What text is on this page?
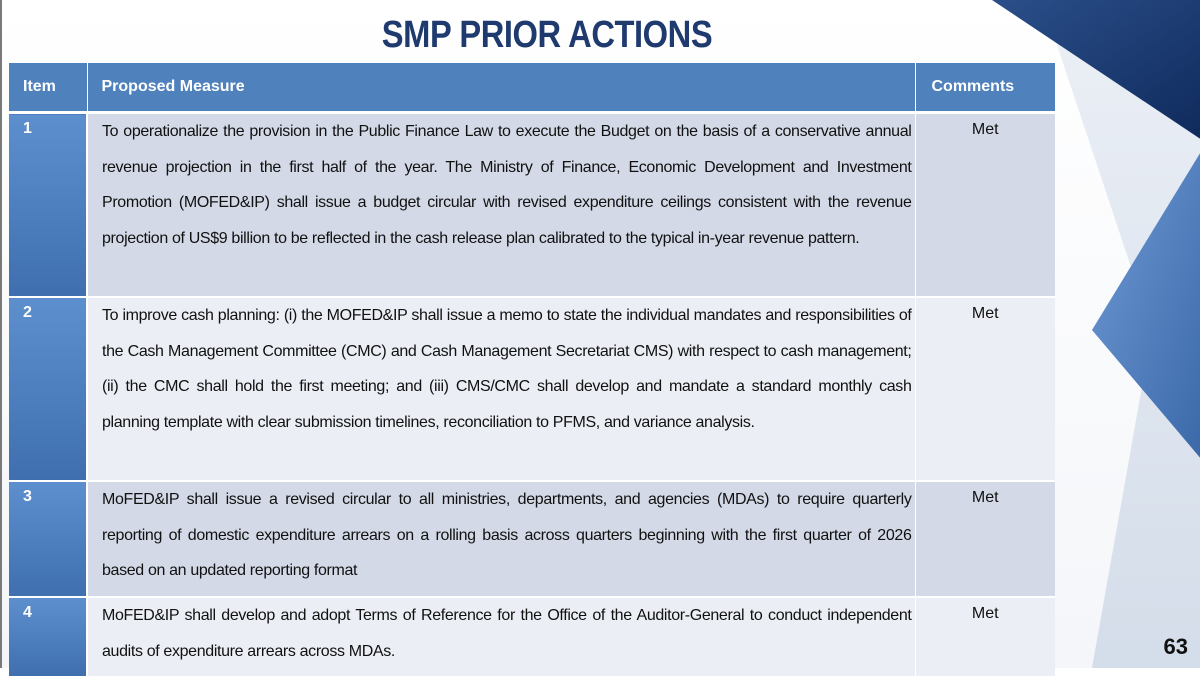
SMP PRIOR ACTIONS
Item	Proposed Measure	Comments
1	To operationalize the provision in the Public Finance Law to execute the Budget on the basis of a conservative annual revenue projection in the first half of the year. The Ministry of Finance, Economic Development and Investment Promotion (MOFED&IP) shall issue a budget circular with revised expenditure ceilings consistent with the revenue projection of US$9 billion to be reflected in the cash release plan calibrated to the typical in-year revenue pattern.	Met
2	To improve cash planning: (i) the MOFED&IP shall issue a memo to state the individual mandates and responsibilities of the Cash Management Committee (CMC) and Cash Management Secretariat CMS) with respect to cash management; (ii) the CMC shall hold the first meeting; and (iii) CMS/CMC shall develop and mandate a standard monthly cash planning template with clear submission timelines, reconciliation to PFMS, and variance analysis.	Met
3	MoFED&IP shall issue a revised circular to all ministries, departments, and agencies (MDAs) to require quarterly reporting of domestic expenditure arrears on a rolling basis across quarters beginning with the first quarter of 2026 based on an updated reporting format	Met
4	MoFED&IP shall develop and adopt Terms of Reference for the Office of the Auditor-General to conduct independent audits of expenditure arrears across MDAs.	Met
63
